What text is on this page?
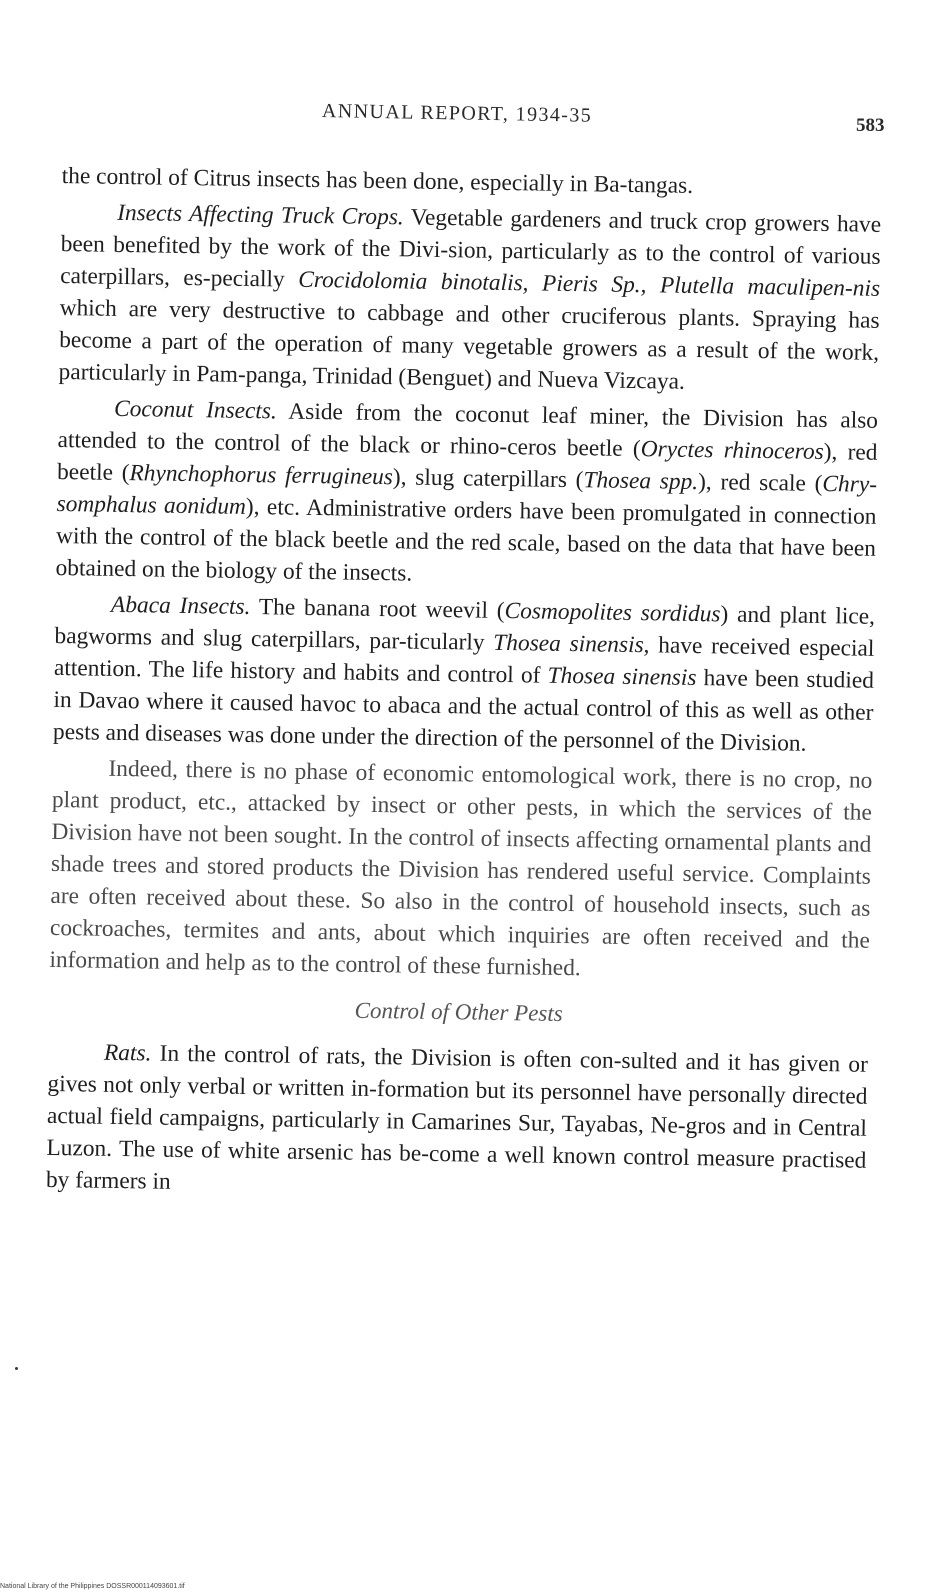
ANNUAL REPORT, 1934-35	583

the control of Citrus insects has been done, especially in Ba-tangas.

Insects Affecting Truck Crops. Vegetable gardeners and truck crop growers have been benefited by the work of the Divi-sion, particularly as to the control of various caterpillars, es-pecially Crocidolomia binotalis, Pieris Sp., Plutella maculipen-nis which are very destructive to cabbage and other cruciferous plants. Spraying has become a part of the operation of many vegetable growers as a result of the work, particularly in Pam-panga, Trinidad (Benguet) and Nueva Vizcaya.

Coconut Insects. Aside from the coconut leaf miner, the Division has also attended to the control of the black or rhino-ceros beetle (Oryctes rhinoceros), red beetle (Rhynchophorus ferrugineus), slug caterpillars (Thosea spp.), red scale (Chry-somphalus aonidum), etc. Administrative orders have been promulgated in connection with the control of the black beetle and the red scale, based on the data that have been obtained on the biology of the insects.

Abaca Insects. The banana root weevil (Cosmopolites sordidus) and plant lice, bagworms and slug caterpillars, par-ticularly Thosea sinensis, have received especial attention. The life history and habits and control of Thosea sinensis have been studied in Davao where it caused havoc to abaca and the actual control of this as well as other pests and diseases was done under the direction of the personnel of the Division.

Indeed, there is no phase of economic entomological work, there is no crop, no plant product, etc., attacked by insect or other pests, in which the services of the Division have not been sought. In the control of insects affecting ornamental plants and shade trees and stored products the Division has rendered useful service. Complaints are often received about these. So also in the control of household insects, such as cockroaches, termites and ants, about which inquiries are often received and the information and help as to the control of these furnished.

Control of Other Pests

Rats. In the control of rats, the Division is often con-sulted and it has given or gives not only verbal or written in-formation but its personnel have personally directed actual field campaigns, particularly in Camarines Sur, Tayabas, Ne-gros and in Central Luzon. The use of white arsenic has be-come a well known control measure practised by farmers in

National Library of the Philippines DOSSR000114093601.tif
